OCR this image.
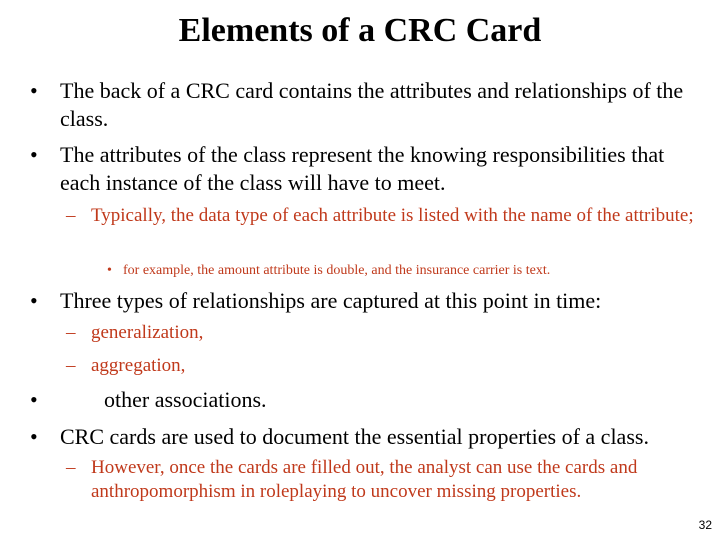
Elements of a CRC Card
•	The back of a CRC card contains the attributes and relationships of the class.
•	The attributes of the class represent the knowing responsibilities that each instance of the class will have to meet.
– Typically, the data type of each attribute is listed with the name of the attribute;
• for example, the amount attribute is double, and the insurance carrier is text.
•	Three types of relationships are captured at this point in time:
– generalization,
– aggregation,
•	other associations.
•	CRC cards are used to document the essential properties of a class.
– However, once the cards are filled out, the analyst can use the cards and anthropomorphism in roleplaying to uncover missing properties.
32
